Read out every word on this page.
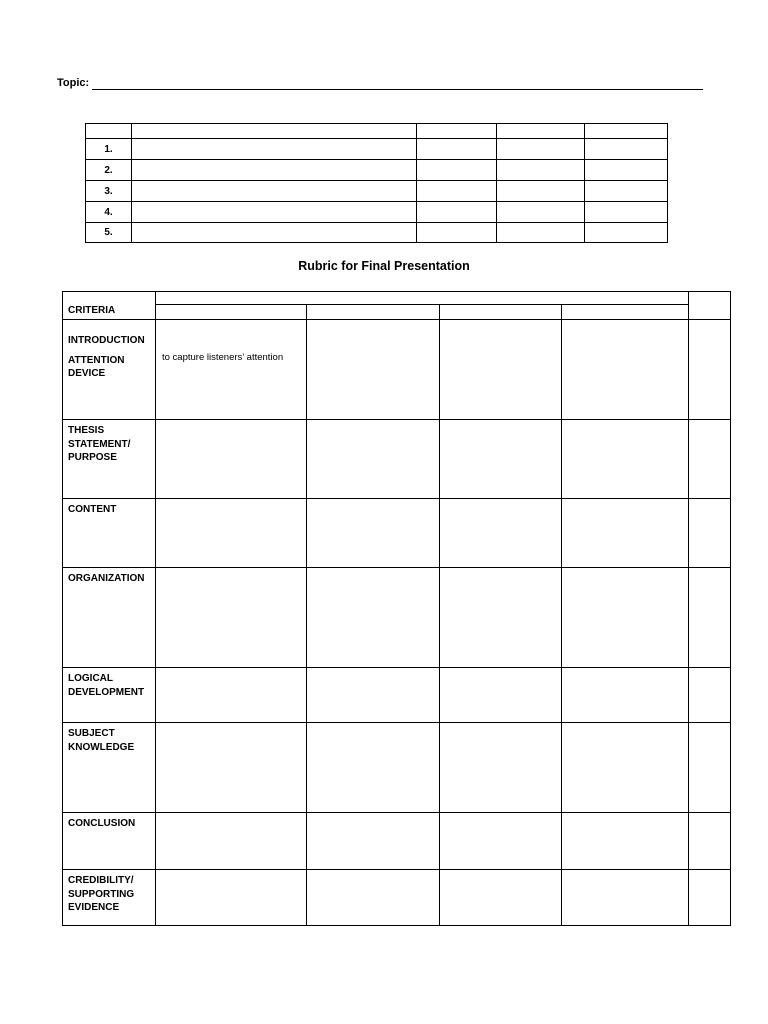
Topic:

1.				
2.				
3.				
4.				
5.				
Rubric for Final Presentation
CRITERIA					

INTRODUCTION
ATTENTION
DEVICE	to capture listeners’ attention				

THESIS
STATEMENT/
PURPOSE					

CONTENT					

ORGANIZATION					

LOGICAL
DEVELOPMENT					

SUBJECT
KNOWLEDGE					

CONCLUSION					

CREDIBILITY/
SUPPORTING
EVIDENCE					
